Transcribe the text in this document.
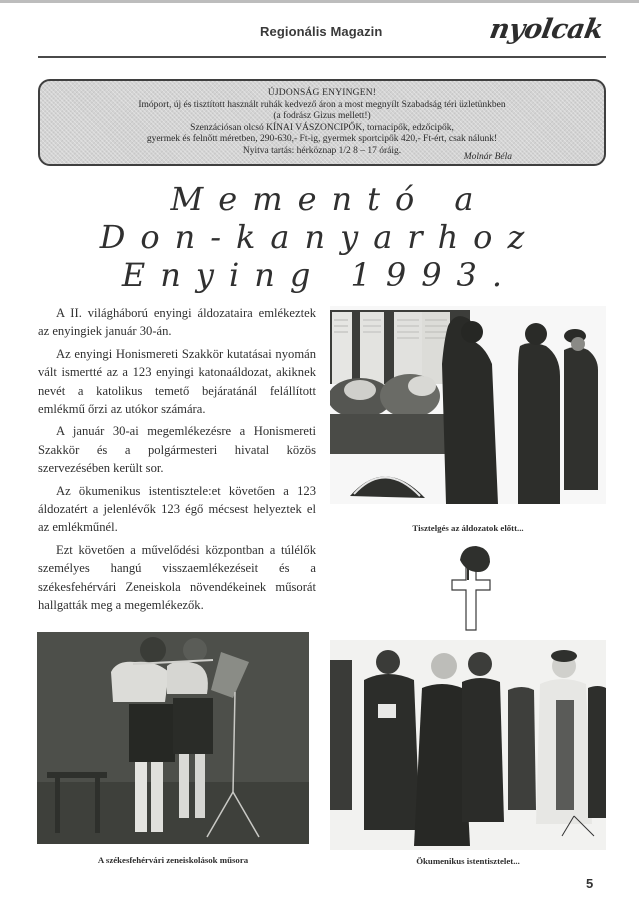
Regionális Magazin	nyolcak
ÚJDONSÁG ENYINGEN!
Imóport, új és tisztított használt ruhák kedvező áron a most megnyílt Szabadság téri üzletünkben
(a fodrász Gizus mellett!)
Szenzációsan olcsó KÍNAI VÁSZONCIPŐK, tornacipők, edzőcipők,
gyermek és felnőtt méretben, 290-630,- Ft-ig, gyermek sportcipők 420,- Ft-ért, csak nálunk!
Nyitva tartás: hérköznap 1/2 8 – 17 óráig.
Molnár Béla
Mementó a
Don-kanyarhoz
Enying 1993.

A II. világháború enyingi áldozataira emlékeztek az enyingiek január 30-án.

Az enyingi Honismereti Szakkör kutatásai nyomán vált ismertté az a 123 enyingi katonaáldozat, akiknek nevét a katolikus temető bejáratánál felállított emlékmű őrzi az utókor számára.

A január 30-ai megemlékezésre a Honismereti Szakkör és a polgármesteri hivatal közös szervezésében került sor.

Az ökumenikus istentisztele:et követően a 123 áldozatért a jelenlévők 123 égő mécsest helyeztek el az emlékműnél.

Ezt követően a művelődési központban a túlélők személyes hangú visszaemlékezéseit és a székesfehérvári Zeneiskola növendékeinek műsorát hallgatták meg a megemlékezők.

Tisztelgés az áldozatok előtt...
A székesfehérvári zeneiskolások műsora	Ökumenikus istentisztelet...
5
